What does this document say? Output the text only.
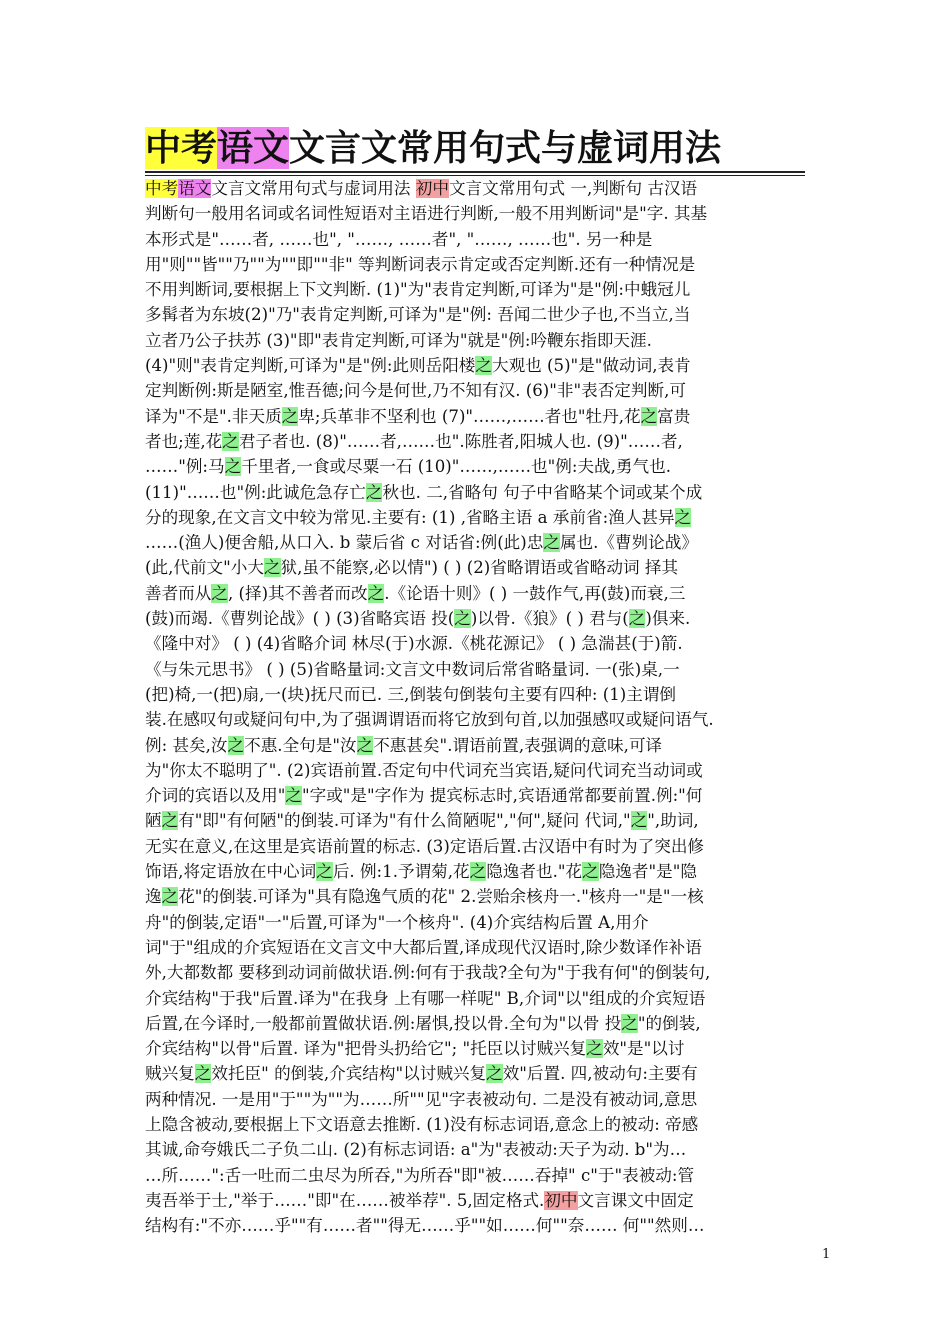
中考语文文言文常用句式与虚词用法
中考语文文言文常用句式与虚词用法 初中文言文常用句式 一,判断句 古汉语
判断句一般用名词或名词性短语对主语进行判断,一般不用判断词"是"字. 其基
本形式是"……者, ……也", "……, ……者", "……, ……也". 另一种是
用"则""皆""乃""为""即""非" 等判断词表示肯定或否定判断.还有一种情况是
不用判断词,要根据上下文判断. (1)"为"表肯定判断,可译为"是"例:中蛾冠儿
多髯者为东坡(2)"乃"表肯定判断,可译为"是"例: 吾闻二世少子也,不当立,当
立者乃公子扶苏 (3)"即"表肯定判断,可译为"就是"例:吟鞭东指即天涯.
(4)"则"表肯定判断,可译为"是"例:此则岳阳楼之大观也 (5)"是"做动词,表肯
定判断例:斯是陋室,惟吾德;问今是何世,乃不知有汉. (6)"非"表否定判断,可
译为"不是".非天质之卑;兵革非不坚利也 (7)"……,……者也"牡丹,花之富贵
者也;莲,花之君子者也. (8)"……者,……也".陈胜者,阳城人也. (9)"……者,
……"例:马之千里者,一食或尽粟一石 (10)"……,……也"例:夫战,勇气也.
(11)"……也"例:此诚危急存亡之秋也. 二,省略句 句子中省略某个词或某个成
分的现象,在文言文中较为常见.主要有: (1) ,省略主语 a 承前省:渔人甚异之
……(渔人)便舍船,从口入. b 蒙后省 c 对话省:例(此)忠之属也.《曹刿论战》
(此,代前文"小大之狱,虽不能察,必以情") ( ) (2)省略谓语或省略动词 择其
善者而从之, (择)其不善者而改之.《论语十则》( ) 一鼓作气,再(鼓)而衰,三
(鼓)而竭.《曹刿论战》( ) (3)省略宾语 投(之)以骨.《狼》( ) 君与(之)俱来.
《隆中对》 ( ) (4)省略介词 林尽(于)水源.《桃花源记》 ( ) 急湍甚(于)箭.
《与朱元思书》 ( ) (5)省略量词:文言文中数词后常省略量词. 一(张)桌,一
(把)椅,一(把)扇,一(块)抚尺而已. 三,倒装句倒装句主要有四种: (1)主谓倒
装.在感叹句或疑问句中,为了强调谓语而将它放到句首,以加强感叹或疑问语气.
例: 甚矣,汝之不惠.全句是"汝之不惠甚矣".谓语前置,表强调的意味,可译
为"你太不聪明了". (2)宾语前置.否定句中代词充当宾语,疑问代词充当动词或
介词的宾语以及用"之"字或"是"字作为 提宾标志时,宾语通常都要前置.例:"何
陋之有"即"有何陋"的倒装.可译为"有什么简陋呢","何",疑问 代词,"之",助词,
无实在意义,在这里是宾语前置的标志. (3)定语后置.古汉语中有时为了突出修
饰语,将定语放在中心词之后. 例:1.予谓菊,花之隐逸者也."花之隐逸者"是"隐
逸之花"的倒装.可译为"具有隐逸气质的花" 2.尝贻余核舟一."核舟一"是"一核
舟"的倒装,定语"一"后置,可译为"一个核舟". (4)介宾结构后置 A,用介
词"于"组成的介宾短语在文言文中大都后置,译成现代汉语时,除少数译作补语
外,大都数都 要移到动词前做状语.例:何有于我哉?全句为"于我有何"的倒装句,
介宾结构"于我"后置.译为"在我身 上有哪一样呢" B,介词"以"组成的介宾短语
后置,在今译时,一般都前置做状语.例:屠惧,投以骨.全句为"以骨 投之"的倒装,
介宾结构"以骨"后置. 译为"把骨头扔给它"; "托臣以讨贼兴复之效"是"以讨
贼兴复之效托臣" 的倒装,介宾结构"以讨贼兴复之效"后置. 四,被动句:主要有
两种情况. 一是用"于""为""为……所""见"字表被动句. 二是没有被动词,意思
上隐含被动,要根据上下文语意去推断. (1)没有标志词语,意念上的被动: 帝感
其诚,命夸娥氏二子负二山. (2)有标志词语: a"为"表被动:天子为动. b"为…
…所……":舌一吐而二虫尽为所吞,"为所吞"即"被……吞掉" c"于"表被动:管
夷吾举于士,"举于……"即"在……被举荐". 5,固定格式.初中文言课文中固定
结构有:"不亦……乎""有……者""得无……乎""如……何""奈…… 何""然则…
1
